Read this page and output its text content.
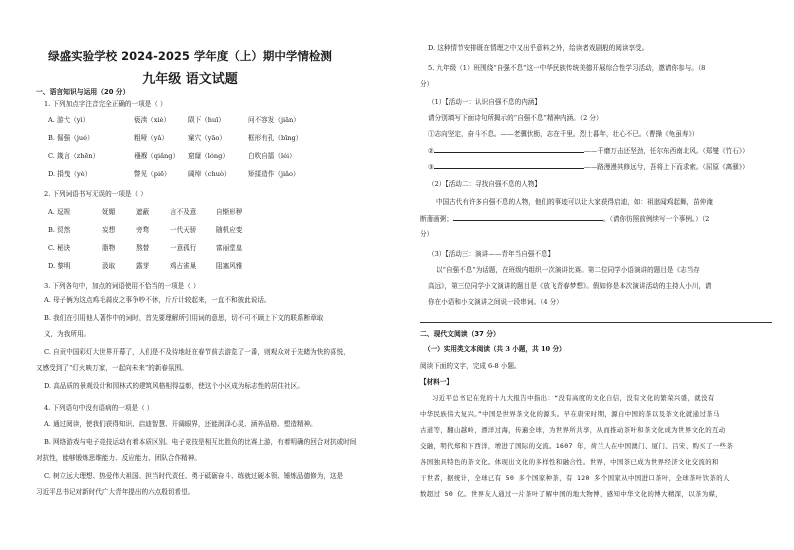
绿盛实验学校 2024-2025 学年度（上）期中学情检测
九年级 语文试题
一、语言知识与运用（20 分）
1. 下列加点字注音完全正确的一项是（ ）
A. 游弋（yì）	亵渎（xiè）	陨下（huī）	问不容发（jiān）
B. 倔强（jué）	粗哑（yǎ）	窠穴（yāo）	框形有孔（bīng）
C. 箴言（zhēn）	襁褓（qiǎng） 窟窿（lóng）	白吹自擂（léi）
D. 捐曳（yè）	瞥见（piē）	阔绰（chuò）	矫揉造作（jiǎo）
2. 下列词语书写无误的一项是（ ）
A. 逗规	妩媚	遮蔽	言不及意	自惭形秽
B. 贸然	妄想	旁骛	一代天骄	随机应变
C. 秘诀	脂物	熬替	一意孤行	富丽堂皇
D. 黎明	汲取	露芽	鸡占雀巢	阻塞风雅
3. 下列各句中，加点的词语使用不恰当的一项是（ ）
A. 母子俩为这点鸡毛蒜皮之事争吵不休，斤斤计较起来，一直不和彼此说话。
B. 我们在引用他人著作中的词时，首先要理解所引用词的意思，切不可不顾上下文的联系断章取
义，为我所用。
C. 自贡中国彩灯大世界开幕了，人们是不及待地赶在春节前去游览了一番，则观众对于先睹为快的喜悦，
又感受到了“灯火映万家，一起向未来”的新春氛围。
D. 高品质的景观设计和园林式的建筑风格相得益彰，使这个小区成为标志性的居住社区。
4. 下列语句中没有语病的一项是（ ）
A. 通过阅读，使我们获得知识、启迪智慧、开阔眼界，还能润泽心灵、涵养品格、塑造精神。
B. 网络游戏与电子竞技运动有着本质区别。电子竞技是相互比胜负的比赛上游，有着明确的回合对抗或时间
对抗性，能够锻炼思维能力、反应能力、团队合作精神。
C. 树立远大理想、热爱伟大祖国、担当时代责任、勇于砥砺奋斗、练就过硬本领、锤炼品德修为，这是
习近平总书记对新时代广大青年提出的六点殷切希望。
D. 这种情节安排既在情理之中又出乎意料之外，给读者戏剧般的阅读享受。
5. 九年级（1）班围绕“自强不息”这一中华民族传统美德开展综合性学习活动，邀请你参与。（8
分）
（1）【活动一：认识自强不息的内涵】
请分别填写下面诗句所揭示的“自强不息”精神内涵。（2 分）
①志向坚定，奋斗不息。——老骥伏枥，志在千里。烈士暮年，壮心不已。（曹操《龟虽寿》）
②	——千磨万击还坚劲，任尔东西南北风。（郑燮《竹石》）
③	——路漫漫其修远兮，吾将上下而求索。（屈原《离骚》）
（2）【活动二：寻找自强不息的人物】
中国古代有许多自强不息的人物，他们的事迹可以让大家获得启迪，如：祖逖闻鸡起舞，苗仲淹
断齑画粥；	。（请你仿照前例续写一个事例。）（2
分）
（3）【活动三：演讲——青年当自强不息】
以“自强不息”为话题，在班级内组织一次演讲比赛。第二位同学小语演讲的题目是《志当存
高远》，第三位同学小文演讲的题目是《放飞青春梦想》。假如你是本次演讲活动的主持人小川，请
你在小语和小文演讲之间说一段串词。（4 分）
二、现代文阅读（37 分）
（一）实用类文本阅读（共 3 小题，共 10 分）
阅读下面的文字，完成 6-8 小题。
【材料一】
习近平总书记在党的十九大报告中指出：“没有高度的文化自信，没有文化的繁荣兴盛，就没有
中华民族伟大复兴。”中国是世界茶文化的源头。早在唐宋时期，源自中国的茶以及茶文化就通过茶马
古道等，翻山越岭，漂洋过海，传遍全球，为世界所共享，从而推动茶叶和茶文化成为世界文化的互动
交融，明代郑和下西洋，增进了国际的交流。1607 年，荷兰人在中国澳门、厦门、吕宋、购买了一些茶
各国独具特色的茶文化。体现出文化的多样性和融合性。世界，中国茶已成为世界经济文化交流的和
干世者，据统计，全球已有 50 多个国家种茶，有 120 多个国家从中国进口茶叶，全球茶叶饮茶的人
数超过 50 亿。世界友人通过一片茶叶了解中国的地大物博，感知中华文化的博大精深，以茶为媒，
